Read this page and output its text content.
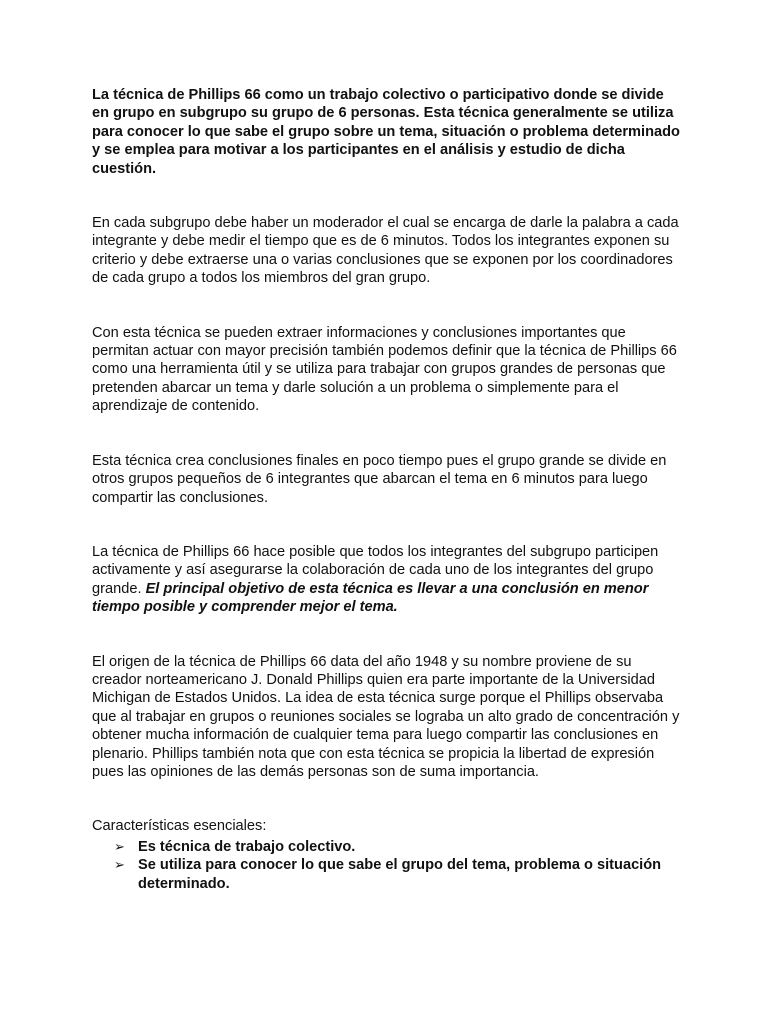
La técnica de Phillips 66 como un trabajo colectivo o participativo donde se divide en grupo en subgrupo su grupo de 6 personas. Esta técnica generalmente se utiliza para conocer lo que sabe el grupo sobre un tema, situación o problema determinado y se emplea para motivar a los participantes en el análisis y estudio de dicha cuestión.

En cada subgrupo debe haber un moderador el cual se encarga de darle la palabra a cada integrante y debe medir el tiempo que es de 6 minutos. Todos los integrantes exponen su criterio y debe extraerse una o varias conclusiones que se exponen por los coordinadores de cada grupo a todos los miembros del gran grupo.

Con esta técnica se pueden extraer informaciones y conclusiones importantes que permitan actuar con mayor precisión también podemos definir que la técnica de Phillips 66 como una herramienta útil y se utiliza para trabajar con grupos grandes de personas que pretenden abarcar un tema y darle solución a un problema o simplemente para el aprendizaje de contenido.

Esta técnica crea conclusiones finales en poco tiempo pues el grupo grande se divide en otros grupos pequeños de 6 integrantes que abarcan el tema en 6 minutos para luego compartir las conclusiones.

La técnica de Phillips 66 hace posible que todos los integrantes del subgrupo participen activamente y así asegurarse la colaboración de cada uno de los integrantes del grupo grande. El principal objetivo de esta técnica es llevar a una conclusión en menor tiempo posible y comprender mejor el tema.

El origen de la técnica de Phillips 66 data del año 1948 y su nombre proviene de su creador norteamericano J. Donald Phillips quien era parte importante de la Universidad Michigan de Estados Unidos. La idea de esta técnica surge porque el Phillips observaba que al trabajar en grupos o reuniones sociales se lograba un alto grado de concentración y obtener mucha información de cualquier tema para luego compartir las conclusiones en plenario. Phillips también nota que con esta técnica se propicia la libertad de expresión pues las opiniones de las demás personas son de suma importancia.

Características esenciales:

➢ Es técnica de trabajo colectivo.
➢ Se utiliza para conocer lo que sabe el grupo del tema, problema o situación determinado.
